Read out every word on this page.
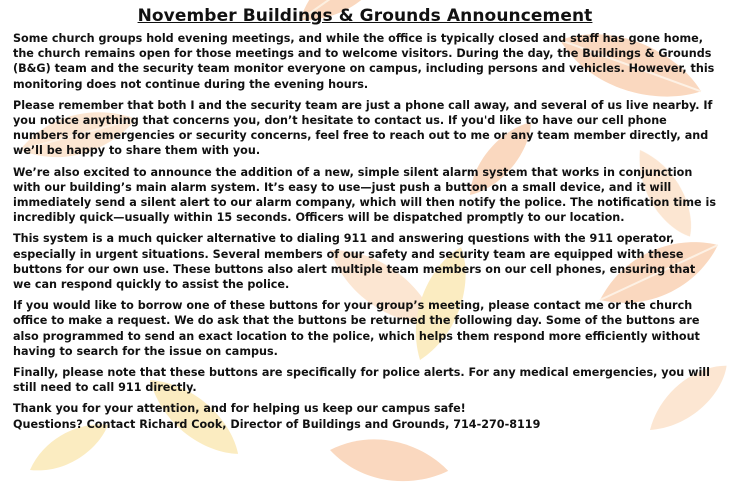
November Buildings & Grounds Announcement

Some church groups hold evening meetings, and while the office is typically closed and staff has gone home, the church remains open for those meetings and to welcome visitors. During the day, the Buildings & Grounds (B&G) team and the security team monitor everyone on campus, including persons and vehicles. However, this monitoring does not continue during the evening hours.

Please remember that both I and the security team are just a phone call away, and several of us live nearby. If you notice anything that concerns you, don’t hesitate to contact us. If you'd like to have our cell phone numbers for emergencies or security concerns, feel free to reach out to me or any team member directly, and we’ll be happy to share them with you.

We’re also excited to announce the addition of a new, simple silent alarm system that works in conjunction with our building’s main alarm system. It’s easy to use—just push a button on a small device, and it will immediately send a silent alert to our alarm company, which will then notify the police. The notification time is incredibly quick—usually within 15 seconds. Officers will be dispatched promptly to our location.

This system is a much quicker alternative to dialing 911 and answering questions with the 911 operator, especially in urgent situations. Several members of our safety and security team are equipped with these buttons for our own use. These buttons also alert multiple team members on our cell phones, ensuring that we can respond quickly to assist the police.

If you would like to borrow one of these buttons for your group’s meeting, please contact me or the church office to make a request. We do ask that the buttons be returned the following day. Some of the buttons are also programmed to send an exact location to the police, which helps them respond more efficiently without having to search for the issue on campus.

Finally, please note that these buttons are specifically for police alerts. For any medical emergencies, you will still need to call 911 directly.

Thank you for your attention, and for helping us keep our campus safe!

Questions? Contact Richard Cook, Director of Buildings and Grounds, 714-270-8119
